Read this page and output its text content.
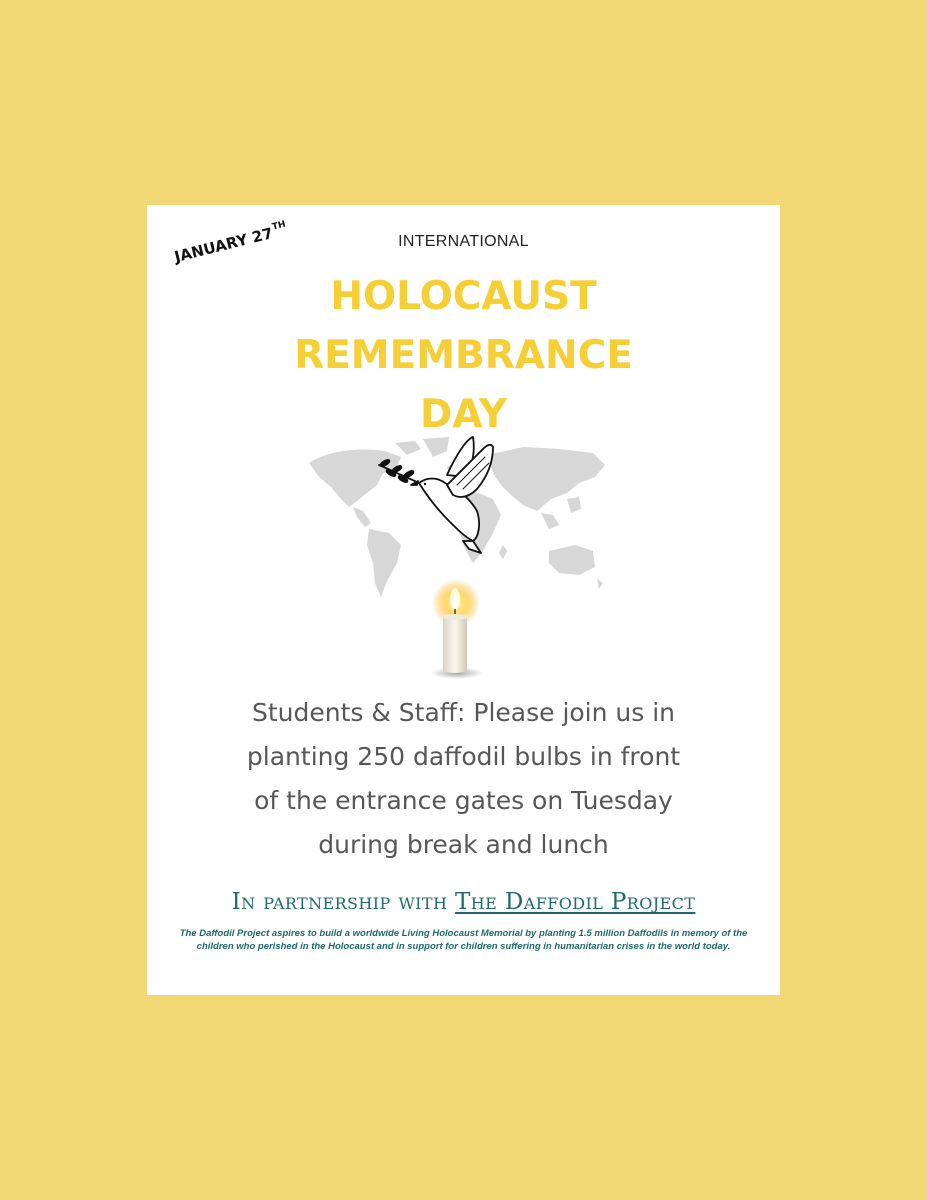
JANUARY 27TH
INTERNATIONAL
HOLOCAUST
REMEMBRANCE
DAY
Students & Staff: Please join us in
planting 250 daffodil bulbs in front
of the entrance gates on Tuesday
during break and lunch
In partnership with The Daffodil Project
The Daffodil Project aspires to build a worldwide Living Holocaust Memorial by planting 1.5 million Daffodils in memory of the children who perished in the Holocaust and in support for children suffering in humanitarian crises in the world today.
